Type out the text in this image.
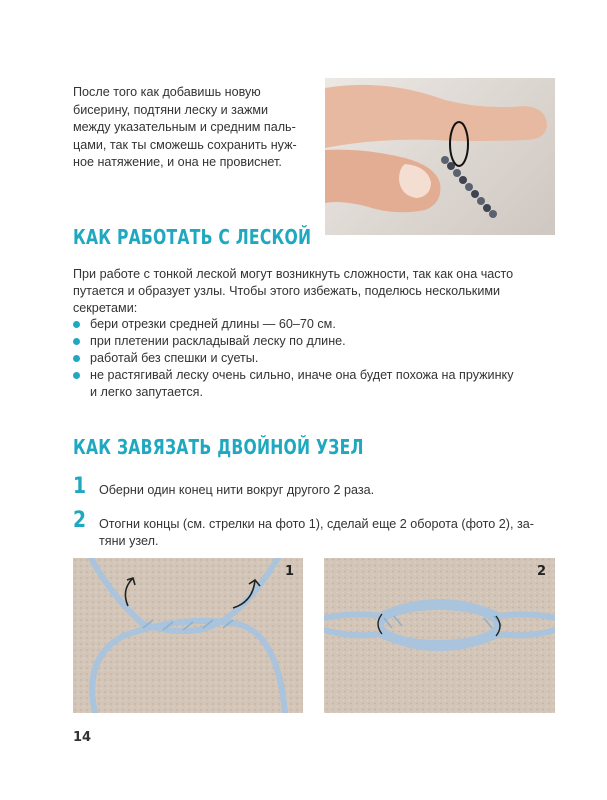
После того как добавишь новую
бисерину, подтяни леску и зажми
между указательным и средним паль-
цами, так ты сможешь сохранить нуж-
ное натяжение, и она не провиснет.
КАК РАБОТАТЬ С ЛЕСКОЙ
При работе с тонкой леской могут возникнуть сложности, так как она часто
путается и образует узлы. Чтобы этого избежать, поделюсь несколькими
секретами:
бери отрезки средней длины — 60–70 см.
при плетении раскладывай леску по длине.
работай без спешки и суеты.
не растягивай леску очень сильно, иначе она будет похожа на пружинку
и легко запутается.
КАК ЗАВЯЗАТЬ ДВОЙНОЙ УЗЕЛ
1 Оберни один конец нити вокруг другого 2 раза.
2 Отогни концы (см. стрелки на фото 1), сделай еще 2 оборота (фото 2), за-
тяни узел.
1	2
14
